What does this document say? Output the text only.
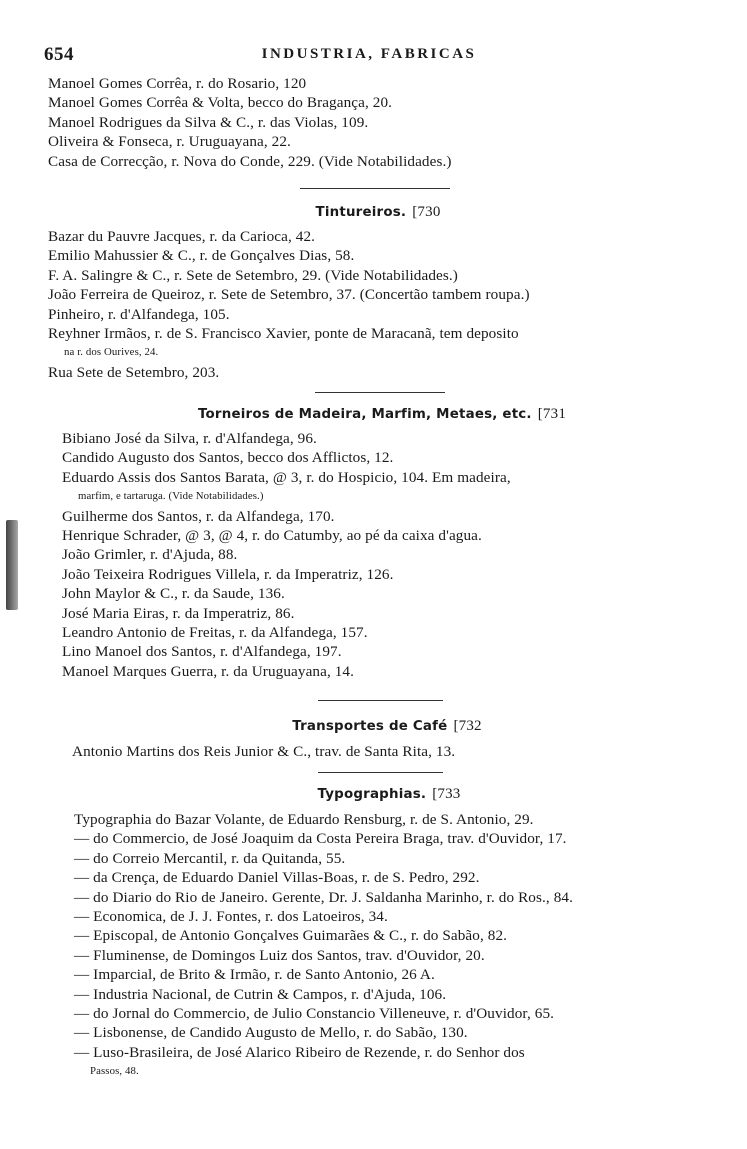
654	INDUSTRIA, FABRICAS
Manoel Gomes Corrêa, r. do Rosario, 120
Manoel Gomes Corrêa & Volta, becco do Bragança, 20.
Manoel Rodrigues da Silva & C., r. das Violas, 109.
Oliveira & Fonseca, r. Uruguayana, 22.
Casa de Correcção, r. Nova do Conde, 229. (Vide Notabilidades.)
Tintureiros. [730
Bazar du Pauvre Jacques, r. da Carioca, 42.
Emilio Mahussier & C., r. de Gonçalves Dias, 58.
F. A. Salingre & C., r. Sete de Setembro, 29. (Vide Notabilidades.)
João Ferreira de Queiroz, r. Sete de Setembro, 37. (Concertão tambem roupa.)
Pinheiro, r. d'Alfandega, 105.
Reyhner Irmãos, r. de S. Francisco Xavier, ponte de Maracanã, tem deposito
na r. dos Ourives, 24.
Rua Sete de Setembro, 203.
Torneiros de Madeira, Marfim, Metaes, etc. [731
Bibiano José da Silva, r. d'Alfandega, 96.
Candido Augusto dos Santos, becco dos Afflictos, 12.
Eduardo Assis dos Santos Barata, @ 3, r. do Hospicio, 104. Em madeira,
marfim, e tartaruga. (Vide Notabilidades.)
Guilherme dos Santos, r. da Alfandega, 170.
Henrique Schrader, @ 3, @ 4, r. do Catumby, ao pé da caixa d'agua.
João Grimler, r. d'Ajuda, 88.
João Teixeira Rodrigues Villela, r. da Imperatriz, 126.
John Maylor & C., r. da Saude, 136.
José Maria Eiras, r. da Imperatriz, 86.
Leandro Antonio de Freitas, r. da Alfandega, 157.
Lino Manoel dos Santos, r. d'Alfandega, 197.
Manoel Marques Guerra, r. da Uruguayana, 14.
Transportes de Café [732
Antonio Martins dos Reis Junior & C., trav. de Santa Rita, 13.
Typographias. [733
Typographia do Bazar Volante, de Eduardo Rensburg, r. de S. Antonio, 29.
— do Commercio, de José Joaquim da Costa Pereira Braga, trav. d'Ouvidor, 17.
— do Correio Mercantil, r. da Quitanda, 55.
— da Crença, de Eduardo Daniel Villas-Boas, r. de S. Pedro, 292.
— do Diario do Rio de Janeiro. Gerente, Dr. J. Saldanha Marinho, r. do Ros., 84.
— Economica, de J. J. Fontes, r. dos Latoeiros, 34.
— Episcopal, de Antonio Gonçalves Guimarães & C., r. do Sabão, 82.
— Fluminense, de Domingos Luiz dos Santos, trav. d'Ouvidor, 20.
— Imparcial, de Brito & Irmão, r. de Santo Antonio, 26 A.
— Industria Nacional, de Cutrin & Campos, r. d'Ajuda, 106.
— do Jornal do Commercio, de Julio Constancio Villeneuve, r. d'Ouvidor, 65.
— Lisbonense, de Candido Augusto de Mello, r. do Sabão, 130.
— Luso-Brasileira, de José Alarico Ribeiro de Rezende, r. do Senhor dos
Passos, 48.
